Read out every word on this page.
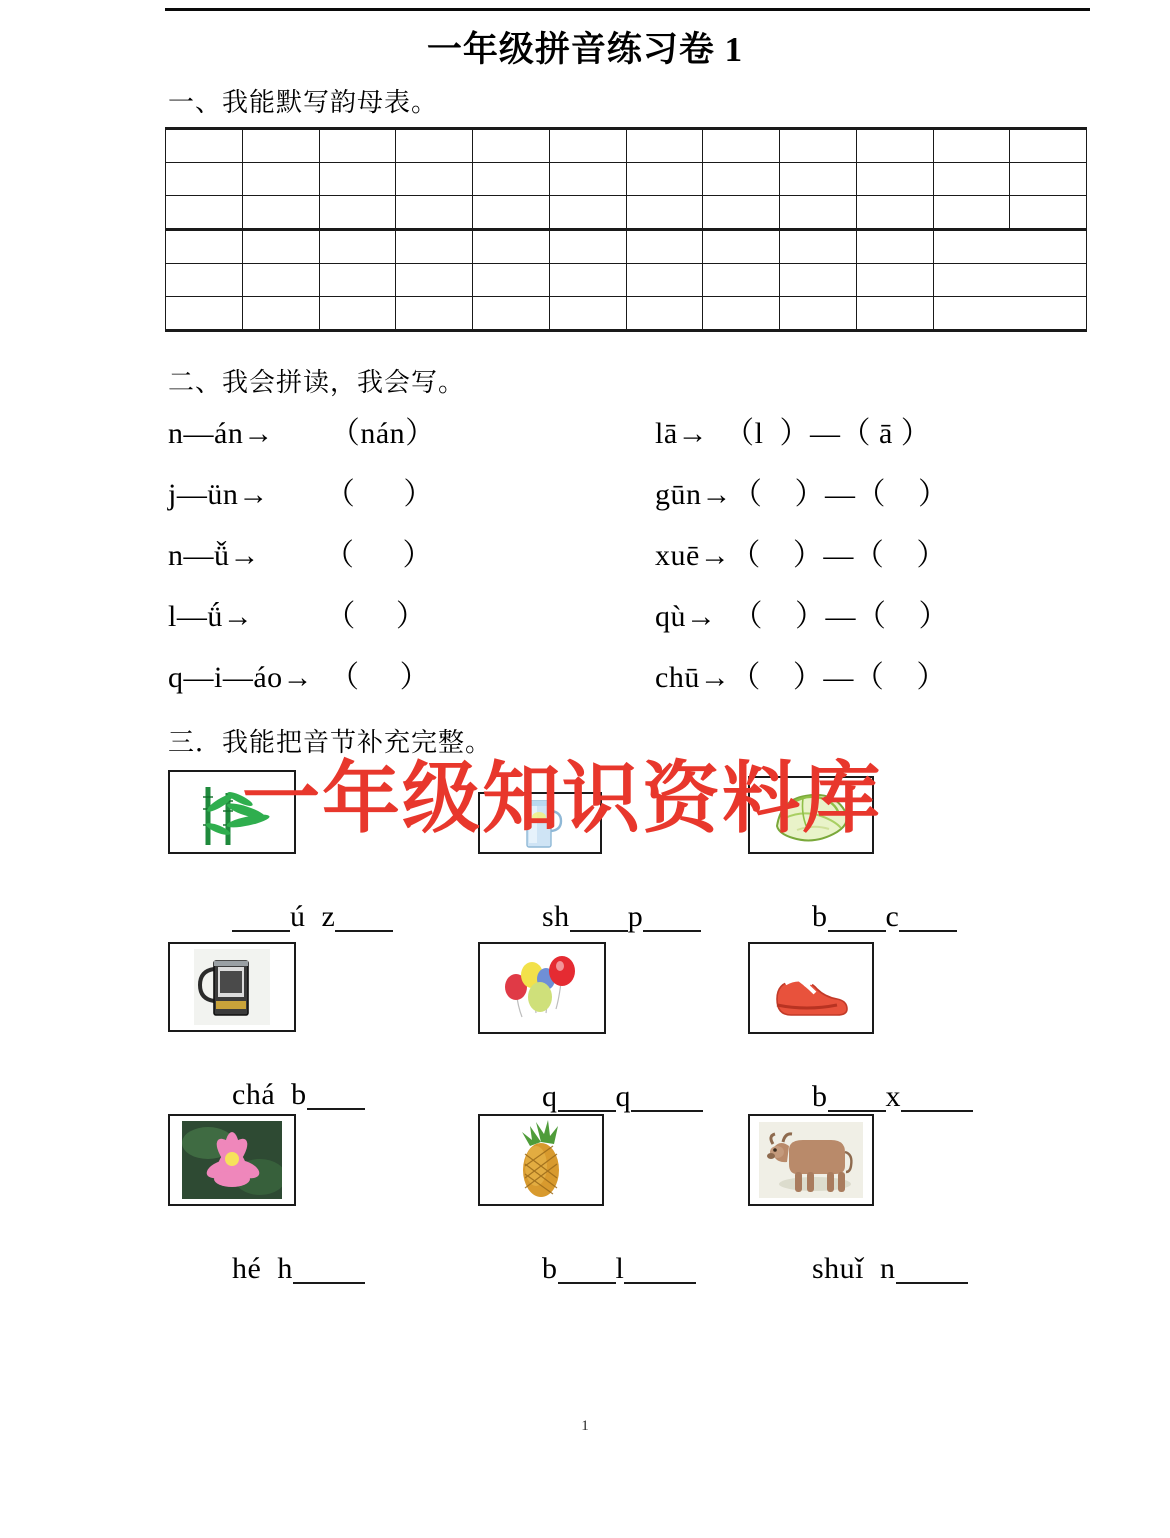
一年级拼音练习卷 1
一、我能默写韵母表。

二、我会拼读，我会写。
n—án→       （nán）	lā→  （l  ）—（ ā ）
j—ün→       （      ）	gūn→（    ）—（    ）
n—ǚ→        （      ）	xuē→（    ）—（    ）
l—ǘ→         （     ）	qù→  （    ）—（    ）
q—i—áo→  （     ）	chū→（    ）—（    ）
三．我能把音节补充完整。

ú  z
	sh p
	b c

chá  b
	q q
	b x

hé  h
	b l
	shuǐ  n

一年级知识资料库
1
